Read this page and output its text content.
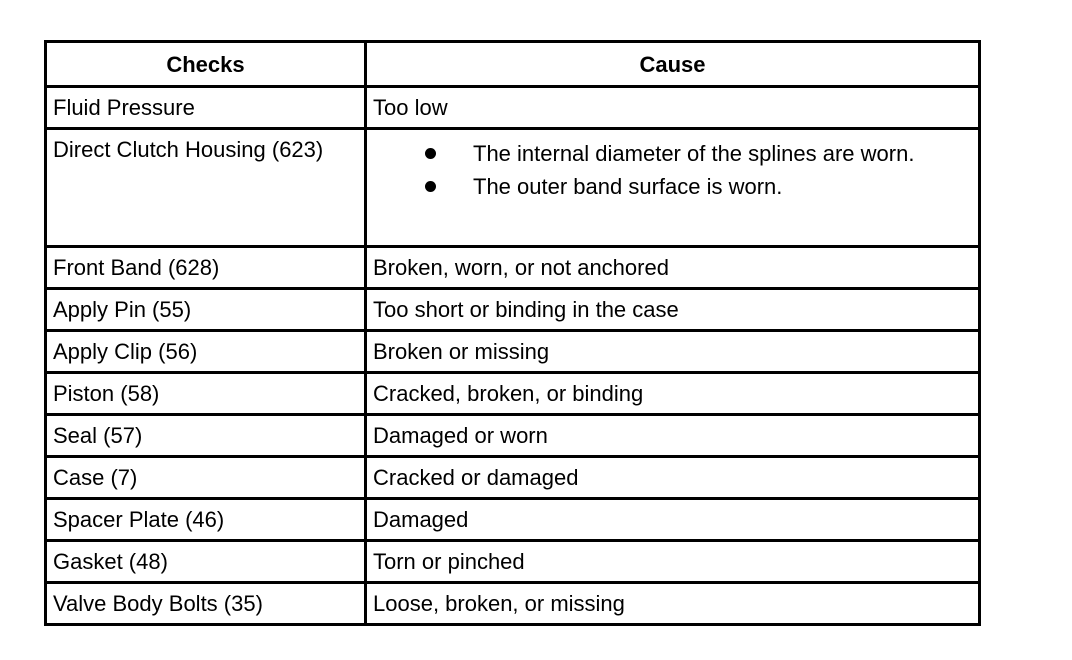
Checks	Cause
Fluid Pressure	Too low
Direct Clutch Housing (623)	The internal diameter of the splines are worn.
The outer band surface is worn.
Front Band (628)	Broken, worn, or not anchored
Apply Pin (55)	Too short or binding in the case
Apply Clip (56)	Broken or missing
Piston (58)	Cracked, broken, or binding
Seal (57)	Damaged or worn
Case (7)	Cracked or damaged
Spacer Plate (46)	Damaged
Gasket (48)	Torn or pinched
Valve Body Bolts (35)	Loose, broken, or missing
